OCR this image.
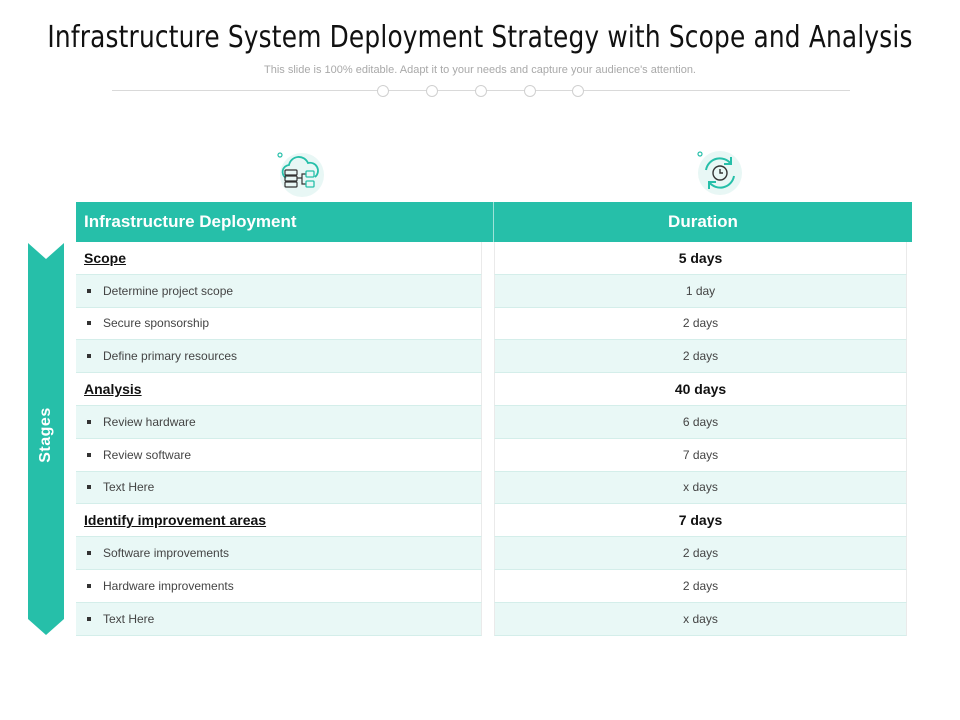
Infrastructure System Deployment Strategy with Scope and Analysis
This slide is 100% editable. Adapt it to your needs and capture your audience's attention.
Stages
Infrastructure Deployment	Duration
Scope	5 days
Determine project scope	1 day
Secure sponsorship	2 days
Define primary resources	2 days
Analysis	40 days
Review hardware	6 days
Review software	7 days
Text Here	x days
Identify improvement areas	7 days
Software improvements	2 days
Hardware improvements	2 days
Text Here	x days
